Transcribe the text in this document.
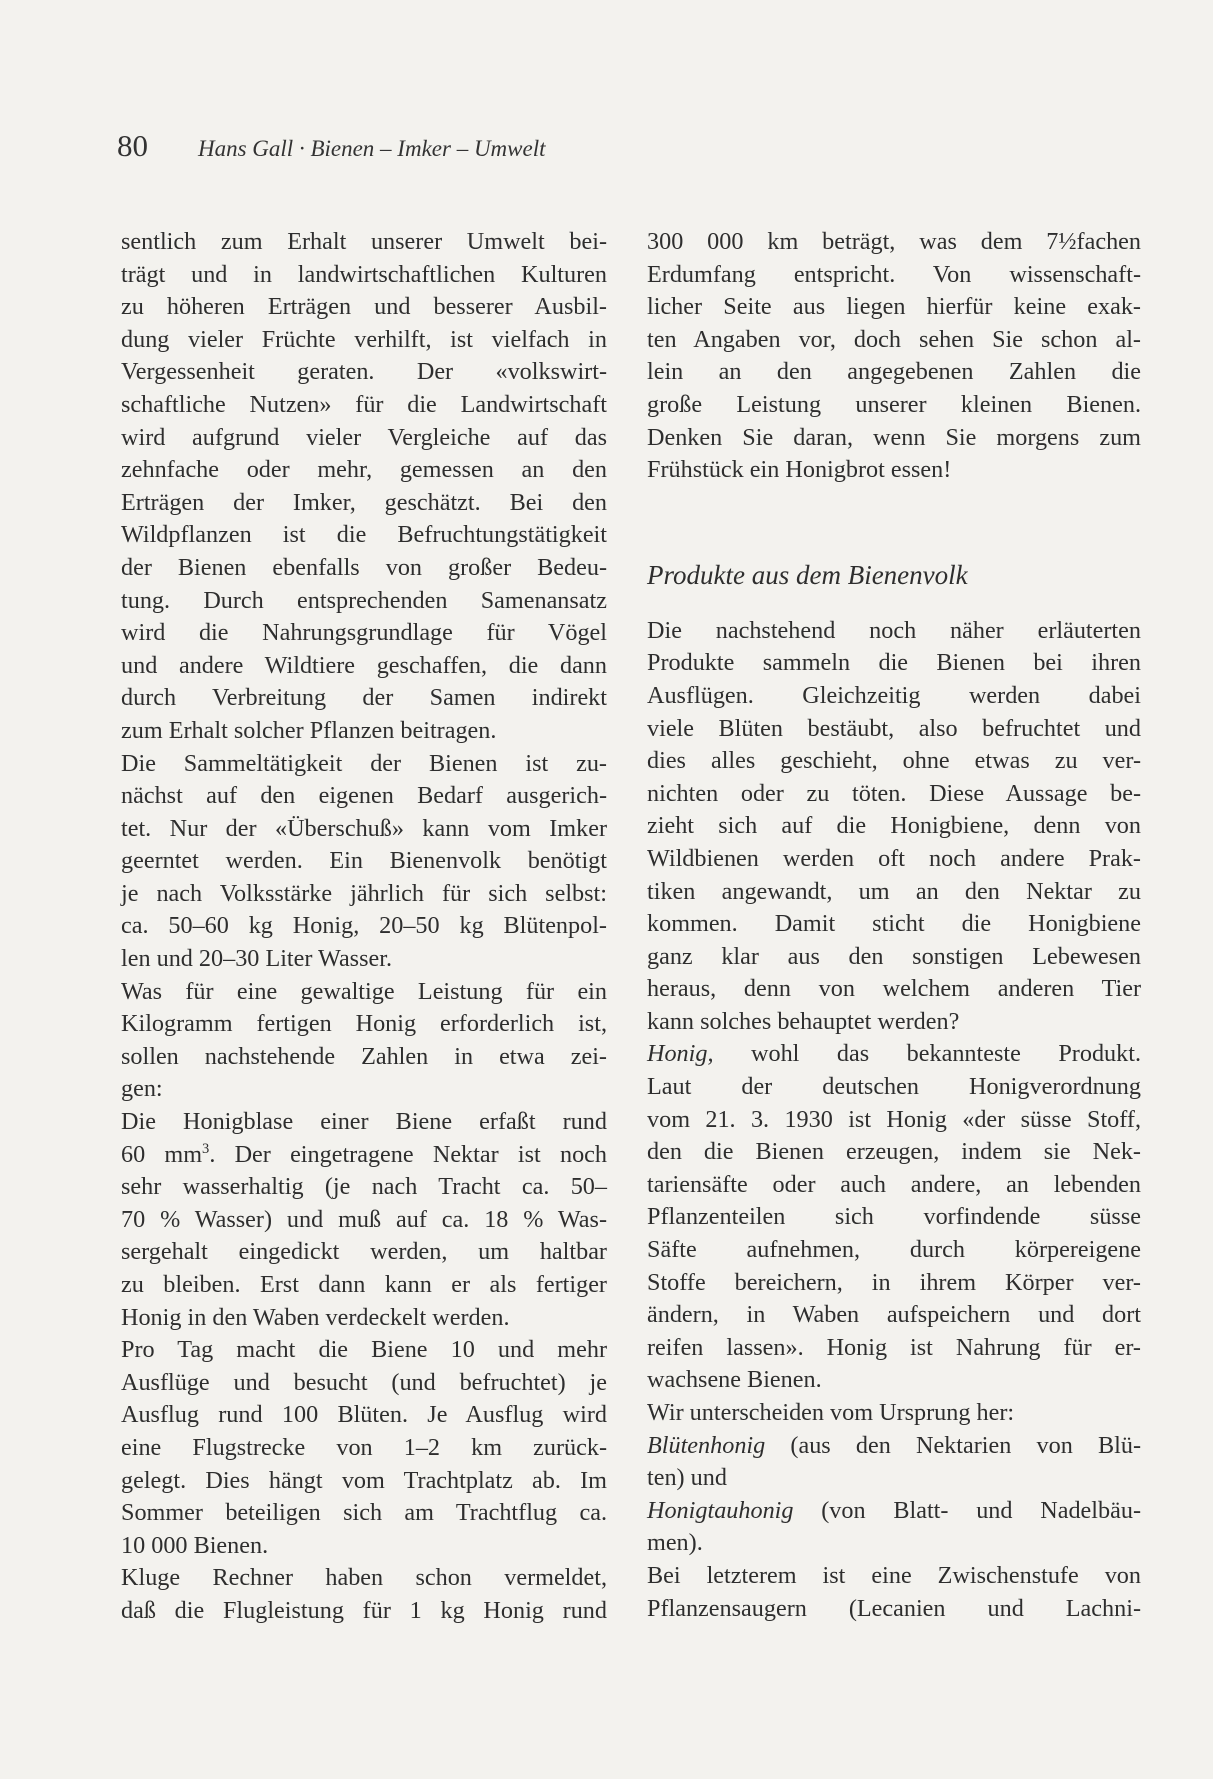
80 Hans Gall · Bienen – Imker – Umwelt
sentlich zum Erhalt unserer Umwelt bei-
trägt und in landwirtschaftlichen Kulturen
zu höheren Erträgen und besserer Ausbil-
dung vieler Früchte verhilft, ist vielfach in
Vergessenheit geraten. Der «volkswirt-
schaftliche Nutzen» für die Landwirtschaft
wird aufgrund vieler Vergleiche auf das
zehnfache oder mehr, gemessen an den
Erträgen der Imker, geschätzt. Bei den
Wildpflanzen ist die Befruchtungstätigkeit
der Bienen ebenfalls von großer Bedeu-
tung. Durch entsprechenden Samenansatz
wird die Nahrungsgrundlage für Vögel
und andere Wildtiere geschaffen, die dann
durch Verbreitung der Samen indirekt
zum Erhalt solcher Pflanzen beitragen.
Die Sammeltätigkeit der Bienen ist zu-
nächst auf den eigenen Bedarf ausgerich-
tet. Nur der «Überschuß» kann vom Imker
geerntet werden. Ein Bienenvolk benötigt
je nach Volksstärke jährlich für sich selbst:
ca. 50–60 kg Honig, 20–50 kg Blütenpol-
len und 20–30 Liter Wasser.
Was für eine gewaltige Leistung für ein
Kilogramm fertigen Honig erforderlich ist,
sollen nachstehende Zahlen in etwa zei-
gen:
Die Honigblase einer Biene erfaßt rund
60 $mm^3$. Der eingetragene Nektar ist noch
sehr wasserhaltig (je nach Tracht ca. 50–
70 % Wasser) und muß auf ca. 18 % Was-
sergehalt eingedickt werden, um haltbar
zu bleiben. Erst dann kann er als fertiger
Honig in den Waben verdeckelt werden.
Pro Tag macht die Biene 10 und mehr
Ausflüge und besucht (und befruchtet) je
Ausflug rund 100 Blüten. Je Ausflug wird
eine Flugstrecke von 1–2 km zurück-
gelegt. Dies hängt vom Trachtplatz ab. Im
Sommer beteiligen sich am Trachtflug ca.
10 000 Bienen.
Kluge Rechner haben schon vermeldet,
daß die Flugleistung für 1 kg Honig rund
300 000 km beträgt, was dem 7½fachen
Erdumfang entspricht. Von wissenschaft-
licher Seite aus liegen hierfür keine exak-
ten Angaben vor, doch sehen Sie schon al-
lein an den angegebenen Zahlen die
große Leistung unserer kleinen Bienen.
Denken Sie daran, wenn Sie morgens zum
Frühstück ein Honigbrot essen!
Produkte aus dem Bienenvolk
Die nachstehend noch näher erläuterten
Produkte sammeln die Bienen bei ihren
Ausflügen. Gleichzeitig werden dabei
viele Blüten bestäubt, also befruchtet und
dies alles geschieht, ohne etwas zu ver-
nichten oder zu töten. Diese Aussage be-
zieht sich auf die Honigbiene, denn von
Wildbienen werden oft noch andere Prak-
tiken angewandt, um an den Nektar zu
kommen. Damit sticht die Honigbiene
ganz klar aus den sonstigen Lebewesen
heraus, denn von welchem anderen Tier
kann solches behauptet werden?
Honig, wohl das bekannteste Produkt.
Laut der deutschen Honigverordnung
vom 21. 3. 1930 ist Honig «der süsse Stoff,
den die Bienen erzeugen, indem sie Nek-
tariensäfte oder auch andere, an lebenden
Pflanzenteilen sich vorfindende süsse
Säfte aufnehmen, durch körpereigene
Stoffe bereichern, in ihrem Körper ver-
ändern, in Waben aufspeichern und dort
reifen lassen». Honig ist Nahrung für er-
wachsene Bienen.
Wir unterscheiden vom Ursprung her:
Blütenhonig (aus den Nektarien von Blü-
ten) und
Honigtauhonig (von Blatt- und Nadelbäu-
men).
Bei letzterem ist eine Zwischenstufe von
Pflanzensaugern (Lecanien und Lachni-
